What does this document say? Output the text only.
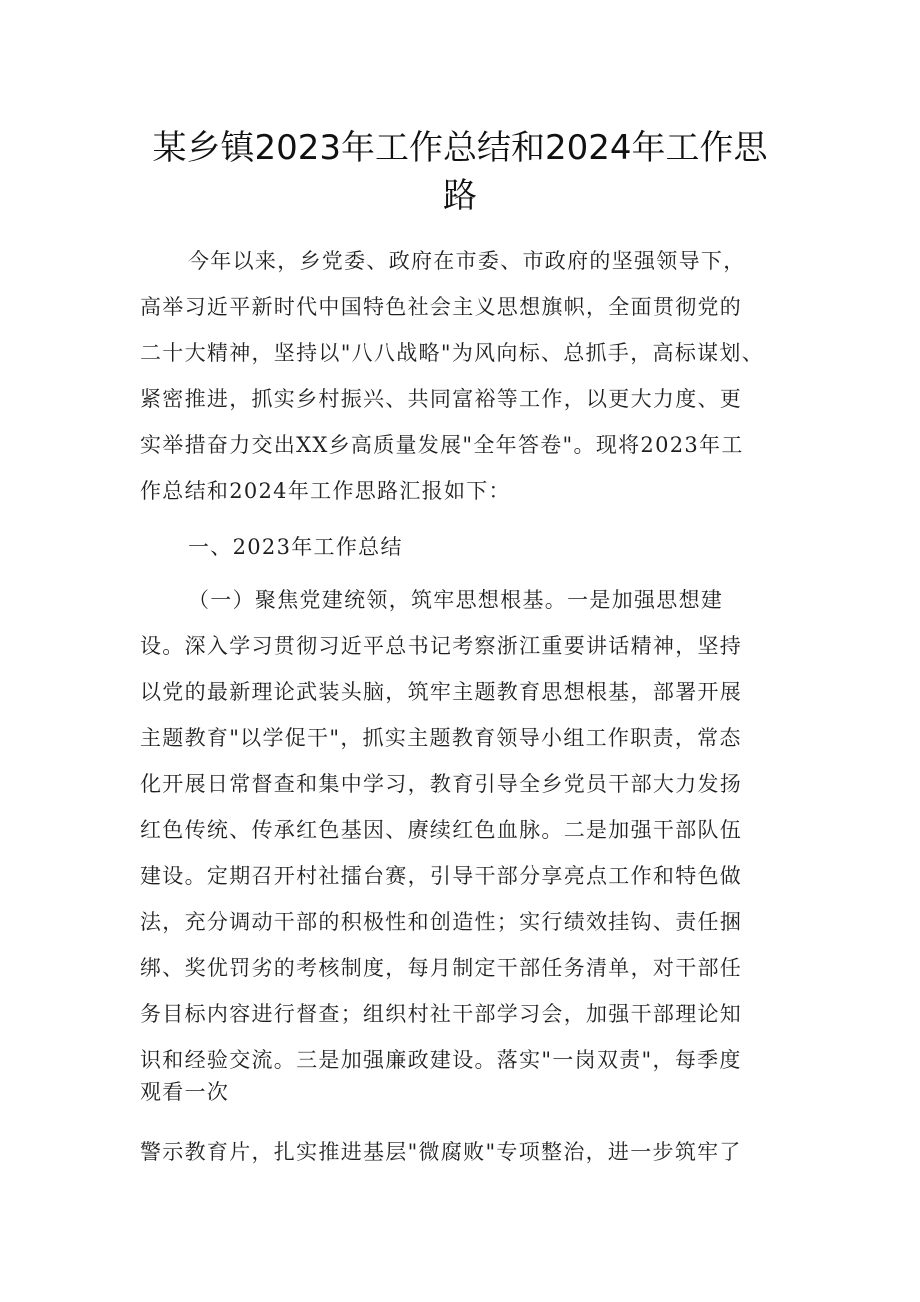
某乡镇2023年工作总结和2024年工作思
路
今年以来，乡党委、政府在市委、市政府的坚强领导下，
高举习近平新时代中国特色社会主义思想旗帜，全面贯彻党的
二十大精神，坚持以"八八战略"为风向标、总抓手，高标谋划、
紧密推进，抓实乡村振兴、共同富裕等工作，以更大力度、更
实举措奋力交出XX乡高质量发展"全年答卷"。现将2023年工
作总结和2024年工作思路汇报如下：
一、2023年工作总结
（一）聚焦党建统领，筑牢思想根基。一是加强思想建
设。深入学习贯彻习近平总书记考察浙江重要讲话精神，坚持
以党的最新理论武装头脑，筑牢主题教育思想根基，部署开展
主题教育"以学促干"，抓实主题教育领导小组工作职责，常态
化开展日常督查和集中学习，教育引导全乡党员干部大力发扬
红色传统、传承红色基因、赓续红色血脉。二是加强干部队伍
建设。定期召开村社擂台赛，引导干部分享亮点工作和特色做
法，充分调动干部的积极性和创造性；实行绩效挂钩、责任捆
绑、奖优罚劣的考核制度，每月制定干部任务清单，对干部任
务目标内容进行督查；组织村社干部学习会，加强干部理论知
识和经验交流。三是加强廉政建设。落实"一岗双责"，每季度
观看一次
警示教育片，扎实推进基层"微腐败"专项整治，进一步筑牢了
